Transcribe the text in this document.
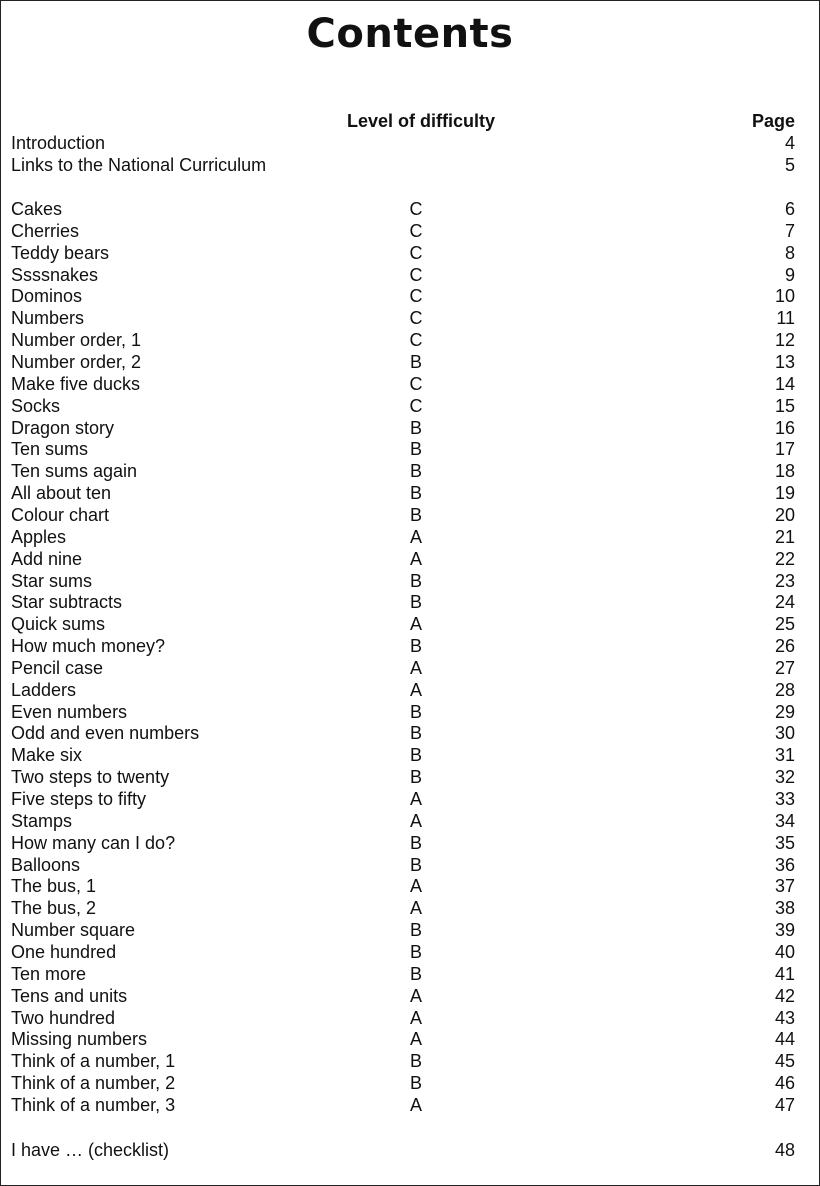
Contents
Level of difficulty	Page
Introduction	4
Links to the National Curriculum	5
Cakes	C	6
Cherries	C	7
Teddy bears	C	8
Ssssnakes	C	9
Dominos	C	10
Numbers	C	11
Number order, 1	C	12
Number order, 2	B	13
Make five ducks	C	14
Socks	C	15
Dragon story	B	16
Ten sums	B	17
Ten sums again	B	18
All about ten	B	19
Colour chart	B	20
Apples	A	21
Add nine	A	22
Star sums	B	23
Star subtracts	B	24
Quick sums	A	25
How much money?	B	26
Pencil case	A	27
Ladders	A	28
Even numbers	B	29
Odd and even numbers	B	30
Make six	B	31
Two steps to twenty	B	32
Five steps to fifty	A	33
Stamps	A	34
How many can I do?	B	35
Balloons	B	36
The bus, 1	A	37
The bus, 2	A	38
Number square	B	39
One hundred	B	40
Ten more	B	41
Tens and units	A	42
Two hundred	A	43
Missing numbers	A	44
Think of a number, 1	B	45
Think of a number, 2	B	46
Think of a number, 3	A	47
I have … (checklist)	48
